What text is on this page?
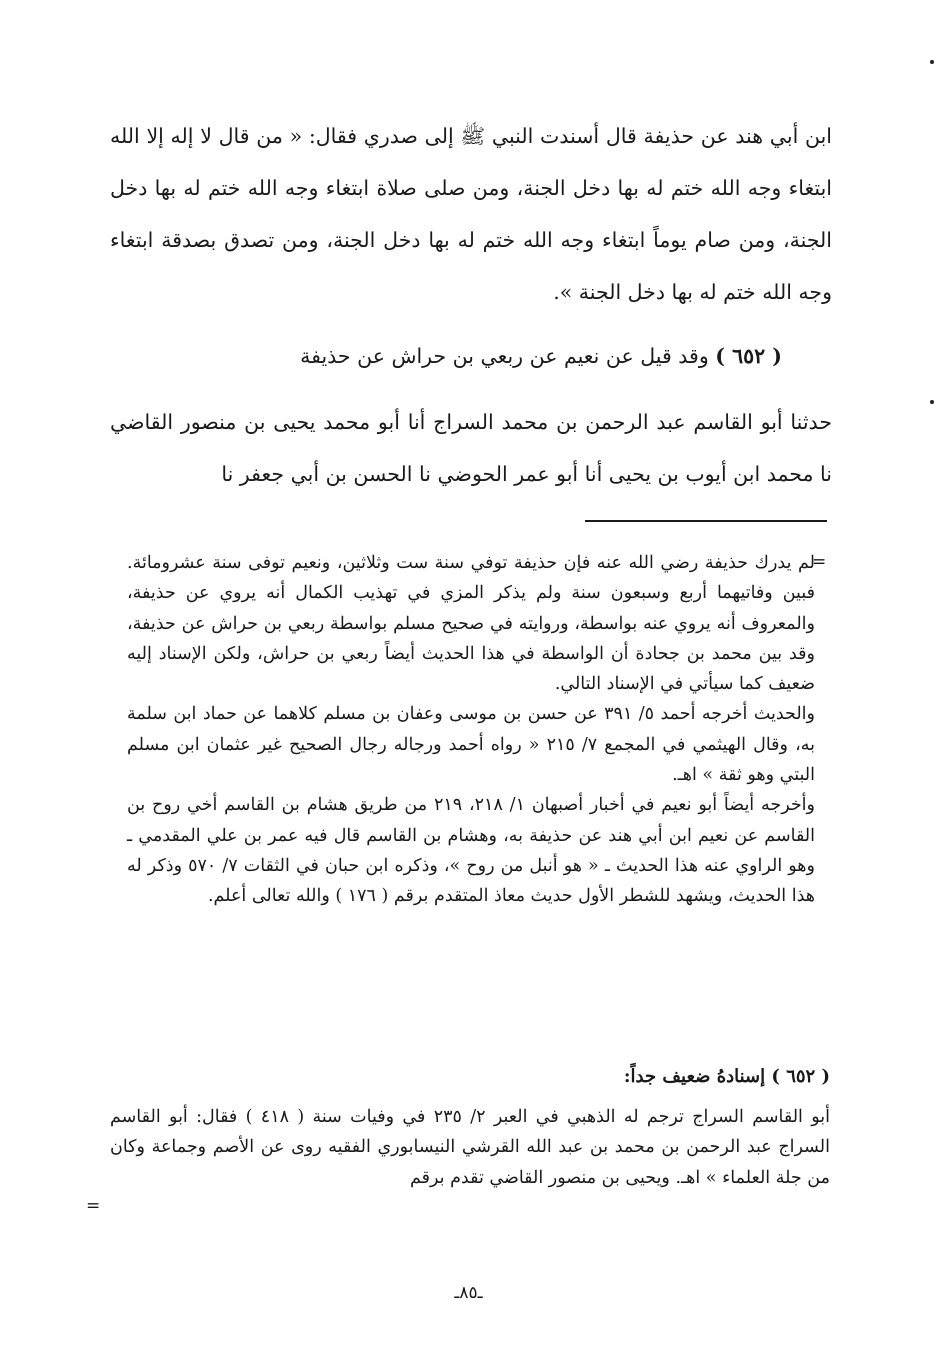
ابن أبي هند عن حذيفة قال أسندت النبي ﷺ إلى صدري فقال: « من قال لا إله إلا الله ابتغاء وجه الله ختم له بها دخل الجنة، ومن صلى صلاة ابتغاء وجه الله ختم له بها دخل الجنة، ومن صام يوماً ابتغاء وجه الله ختم له بها دخل الجنة، ومن تصدق بصدقة ابتغاء وجه الله ختم له بها دخل الجنة ».
( ٦٥٢ ) وقد قيل عن نعيم عن ربعي بن حراش عن حذيفة
حدثنا أبو القاسم عبد الرحمن بن محمد السراج أنا أبو محمد يحيى بن منصور القاضي نا محمد ابن أيوب بن يحيى أنا أبو عمر الحوضي نا الحسن بن أبي جعفر نا
=
لم يدرك حذيفة رضي الله عنه فإن حذيفة توفي سنة ست وثلاثين، ونعيم توفى سنة عشرومائة. فبين وفاتيهما أربع وسبعون سنة ولم يذكر المزي في تهذيب الكمال أنه يروي عن حذيفة، والمعروف أنه يروي عنه بواسطة، وروايته في صحيح مسلم بواسطة ربعي بن حراش عن حذيفة، وقد بين محمد بن جحادة أن الواسطة في هذا الحديث أيضاً ربعي بن حراش، ولكن الإسناد إليه ضعيف كما سيأتي في الإسناد التالي.
والحديث أخرجه أحمد ٥/ ٣٩١ عن حسن بن موسى وعفان بن مسلم كلاهما عن حماد ابن سلمة به، وقال الهيثمي في المجمع ٧/ ٢١٥ « رواه أحمد ورجاله رجال الصحيح غير عثمان ابن مسلم البتي وهو ثقة » اهـ.
وأخرجه أيضاً أبو نعيم في أخبار أصبهان ١/ ٢١٨، ٢١٩ من طريق هشام بن القاسم أخي روح بن القاسم عن نعيم ابن أبي هند عن حذيفة به، وهشام بن القاسم قال فيه عمر بن علي المقدمي ـ وهو الراوي عنه هذا الحديث ـ « هو أنبل من روح »، وذكره ابن حبان في الثقات ٧/ ٥٧٠ وذكر له هذا الحديث، ويشهد للشطر الأول حديث معاذ المتقدم برقم ( ١٧٦ ) والله تعالى أعلم.
( ٦٥٢ ) إسنادهُ ضعيف جداً:
أبو القاسم السراج ترجم له الذهبي في العبر ٢/ ٢٣٥ في وفيات سنة ( ٤١٨ ) فقال: أبو القاسم السراج عبد الرحمن بن محمد بن عبد الله القرشي النيسابوري الفقيه روى عن الأصم وجماعة وكان من جلة العلماء » اهـ. ويحيى بن منصور القاضي تقدم برقم
=
ـ٨٥ـ
